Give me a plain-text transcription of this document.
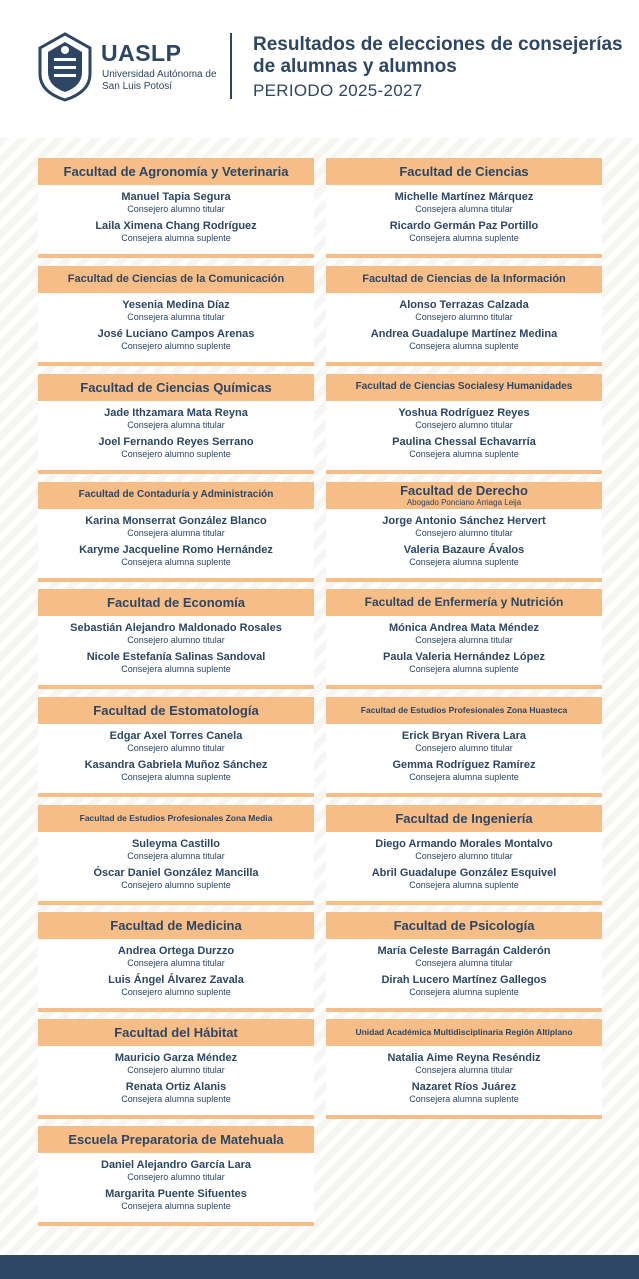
UASLP
Universidad Autónoma de San Luis Potosí
Resultados de elecciones de consejerías de alumnas y alumnos
PERIODO 2025-2027
Facultad de Agronomía y Veterinaria
Manuel Tapia Segura
Consejero alumno titular
Laila Ximena Chang Rodríguez
Consejera alumna suplente
Facultad de Ciencias
Michelle Martínez Márquez
Consejera alumna titular
Ricardo Germán Paz Portillo
Consejera alumna suplente
Facultad de Ciencias de la Comunicación
Yesenia Medina Díaz
Consejera alumna titular
José Luciano Campos Arenas
Consejero alumno suplente
Facultad de Ciencias de la Información
Alonso Terrazas Calzada
Consejero alumno titular
Andrea Guadalupe Martínez Medina
Consejera alumna suplente
Facultad de Ciencias Químicas
Jade Ithzamara Mata Reyna
Consejera alumna titular
Joel Fernando Reyes Serrano
Consejero alumno suplente
Facultad de Ciencias Socialesy Humanidades
Yoshua Rodríguez Reyes
Consejero alumno titular
Paulina Chessal Echavarría
Consejera alumna suplente
Facultad de Contaduría y Administración
Karina Monserrat González Blanco
Consejera alumna titular
Karyme Jacqueline Romo Hernández
Consejera alumna suplente
Facultad de Derecho
Abogado Ponciano Arriaga Leija
Jorge Antonio Sánchez Hervert
Consejero alumno titular
Valeria Bazaure Ávalos
Consejera alumna suplente
Facultad de Economía
Sebastián Alejandro Maldonado Rosales
Consejero alumno titular
Nicole Estefanía Salinas Sandoval
Consejera alumna suplente
Facultad de Enfermería y Nutrición
Mónica Andrea Mata Méndez
Consejera alumna titular
Paula Valeria Hernández López
Consejera alumna suplente
Facultad de Estomatología
Edgar Axel Torres Canela
Consejero alumno titular
Kasandra Gabriela Muñoz Sánchez
Consejera alumna suplente
Facultad de Estudios Profesionales Zona Huasteca
Erick Bryan Rivera Lara
Consejero alumno titular
Gemma Rodríguez Ramírez
Consejera alumna suplente
Facultad de Estudios Profesionales Zona Media
Suleyma Castillo
Consejera alumna titular
Óscar Daniel González Mancilla
Consejero alumno suplente
Facultad de Ingeniería
Diego Armando Morales Montalvo
Consejero alumno titular
Abril Guadalupe González Esquivel
Consejera alumna suplente
Facultad de Medicina
Andrea Ortega Durzzo
Consejera alumna titular
Luis Ángel Álvarez Zavala
Consejero alumno suplente
Facultad de Psicología
María Celeste Barragán Calderón
Consejera alumna titular
Dirah Lucero Martínez Gallegos
Consejera alumna suplente
Facultad del Hábitat
Mauricio Garza Méndez
Consejero alumno titular
Renata Ortiz Alanis
Consejera alumna suplente
Unidad Académica Multidisciplinaria Región Altiplano
Natalia Aime Reyna Reséndiz
Consejera alumna titular
Nazaret Ríos Juárez
Consejera alumna suplente
Escuela Preparatoria de Matehuala
Daniel Alejandro García Lara
Consejero alumno titular
Margarita Puente Sifuentes
Consejera alumna suplente
